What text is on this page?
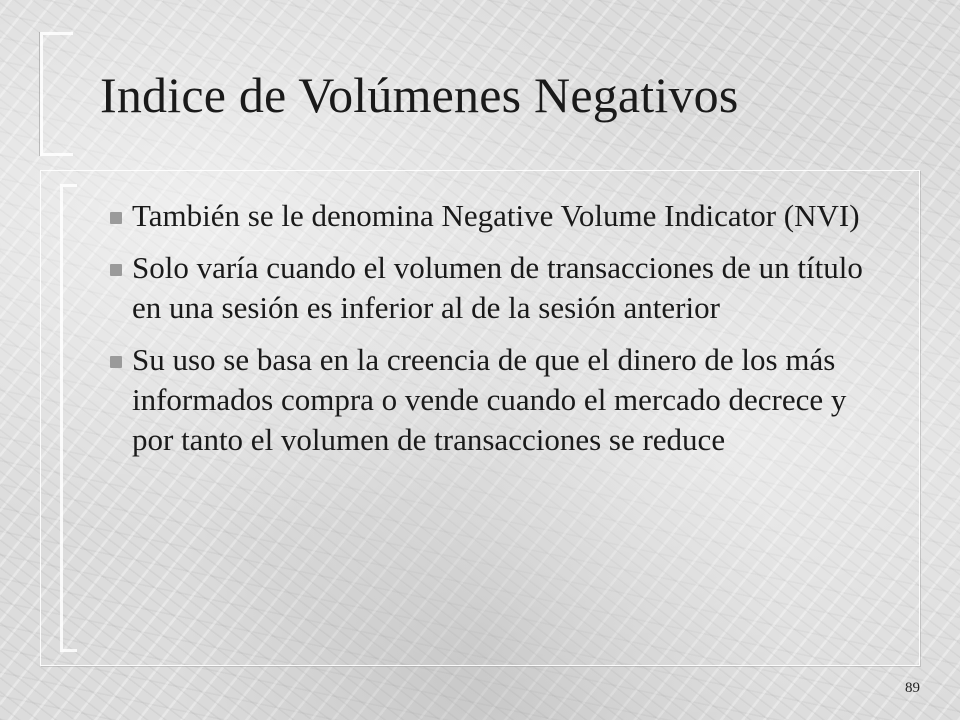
Indice de Volúmenes Negativos
También se le denomina Negative Volume Indicator (NVI)
Solo varía cuando el volumen de transacciones de un título en una sesión es inferior al de la sesión anterior
Su uso se basa en la creencia de que el dinero de los más informados compra o vende cuando el mercado decrece y por tanto el volumen de transacciones se reduce
89
